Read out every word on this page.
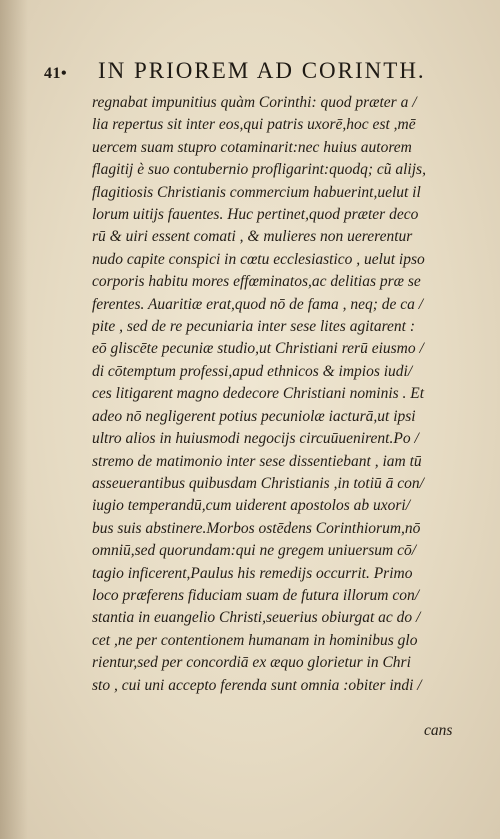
41• IN PRIOREM AD CORINTH.
regnabat impunitius quàm Corinthi: quod præter a /
lia repertus sit inter eos,qui patris uxorē,hoc est ,mē
uercem suam stupro cotaminarit:nec huius autorem
flagitij è suo contubernio profligarint:quodq; cũ alijs,
flagitiosis Christianis commercium habuerint,uelut il
lorum uitijs fauentes. Huc pertinet,quod præter deco
rū & uiri essent comati , & mulieres non uererentur
nudo capite conspici in cœtu ecclesiastico , uelut ipso
corporis habitu mores effœminatos,ac delitias præ se
ferentes. Auaritiæ erat,quod nō de fama , neq; de ca /
pite , sed de re pecuniaria inter sese lites agitarent :
eō gliscēte pecuniæ studio,ut Christiani rerū eiusmo /
di cōtemptum professi,apud ethnicos & impios iudi/
ces litigarent magno dedecore Christiani nominis . Et
adeo nō negligerent potius pecuniolæ iacturā,ut ipsi
ultro alios in huiusmodi negocijs circuūuenirent.Po /
stremo de matimonio inter sese dissentiebant , iam tū
asseuerantibus quibusdam Christianis ,in totiū ā con/
iugio temperandū,cum uiderent apostolos ab uxori/
bus suis abstinere.Morbos ostēdens Corinthiorum,nō
omniū,sed quorundam:qui ne gregem uniuersum cō/
tagio inficerent,Paulus his remedijs occurrit. Primo
loco præferens fiduciam suam de futura illorum con/
stantia in euangelio Christi,seuerius obiurgat ac do /
cet ,ne per contentionem humanam in hominibus glo
rientur,sed per concordiā ex æquo glorietur in Chri
sto , cui uni accepto ferenda sunt omnia :obiter indi /
cans
